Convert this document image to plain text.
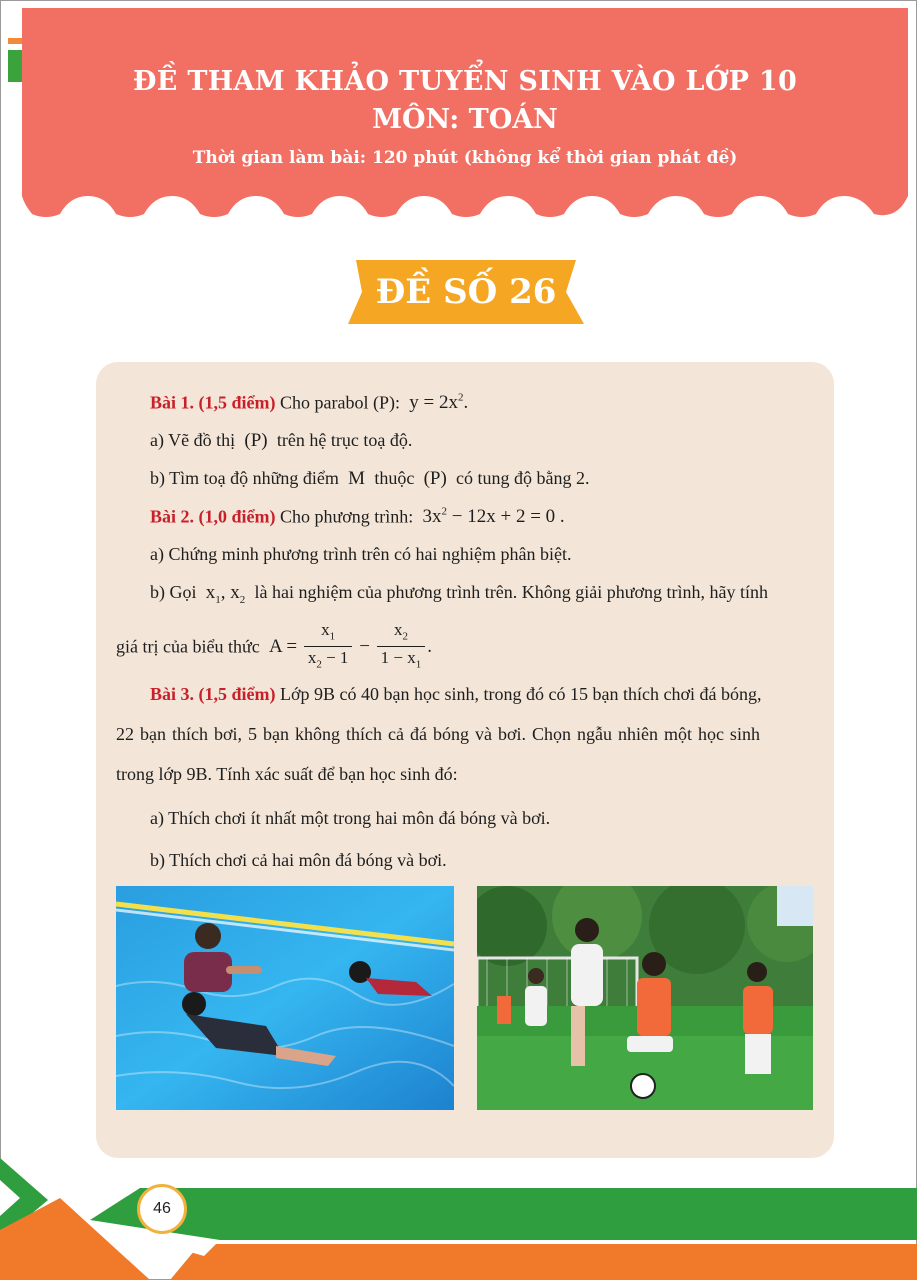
ĐỀ THAM KHẢO TUYỂN SINH VÀO LỚP 10
MÔN: TOÁN
Thời gian làm bài: 120 phút (không kể thời gian phát đề)
ĐỀ SỐ 26
Bài 1. (1,5 điểm) Cho parabol (P):  $y = 2x^2$.
a) Vẽ đồ thị  (P)  trên hệ trục toạ độ.
b) Tìm toạ độ những điểm  M  thuộc  (P)  có tung độ bằng 2.
Bài 2. (1,0 điểm) Cho phương trình:  $3x^2 - 12x + 2 = 0$ .
a) Chứng minh phương trình trên có hai nghiệm phân biệt.
b) Gọi  $x_1$, $x_2$ là hai nghiệm của phương trình trên. Không giải phương trình, hãy tính
giá trị của biểu thức  $A = \frac{x_1}{x_2 - 1} - \frac{x_2}{1 - x_1}$ .
Bài 3. (1,5 điểm) Lớp 9B có 40 bạn học sinh, trong đó có 15 bạn thích chơi đá bóng,
22 bạn thích bơi, 5 bạn không thích cả đá bóng và bơi. Chọn ngẫu nhiên một học sinh
trong lớp 9B. Tính xác suất để bạn học sinh đó:
a) Thích chơi ít nhất một trong hai môn đá bóng và bơi.
b) Thích chơi cả hai môn đá bóng và bơi.
46
